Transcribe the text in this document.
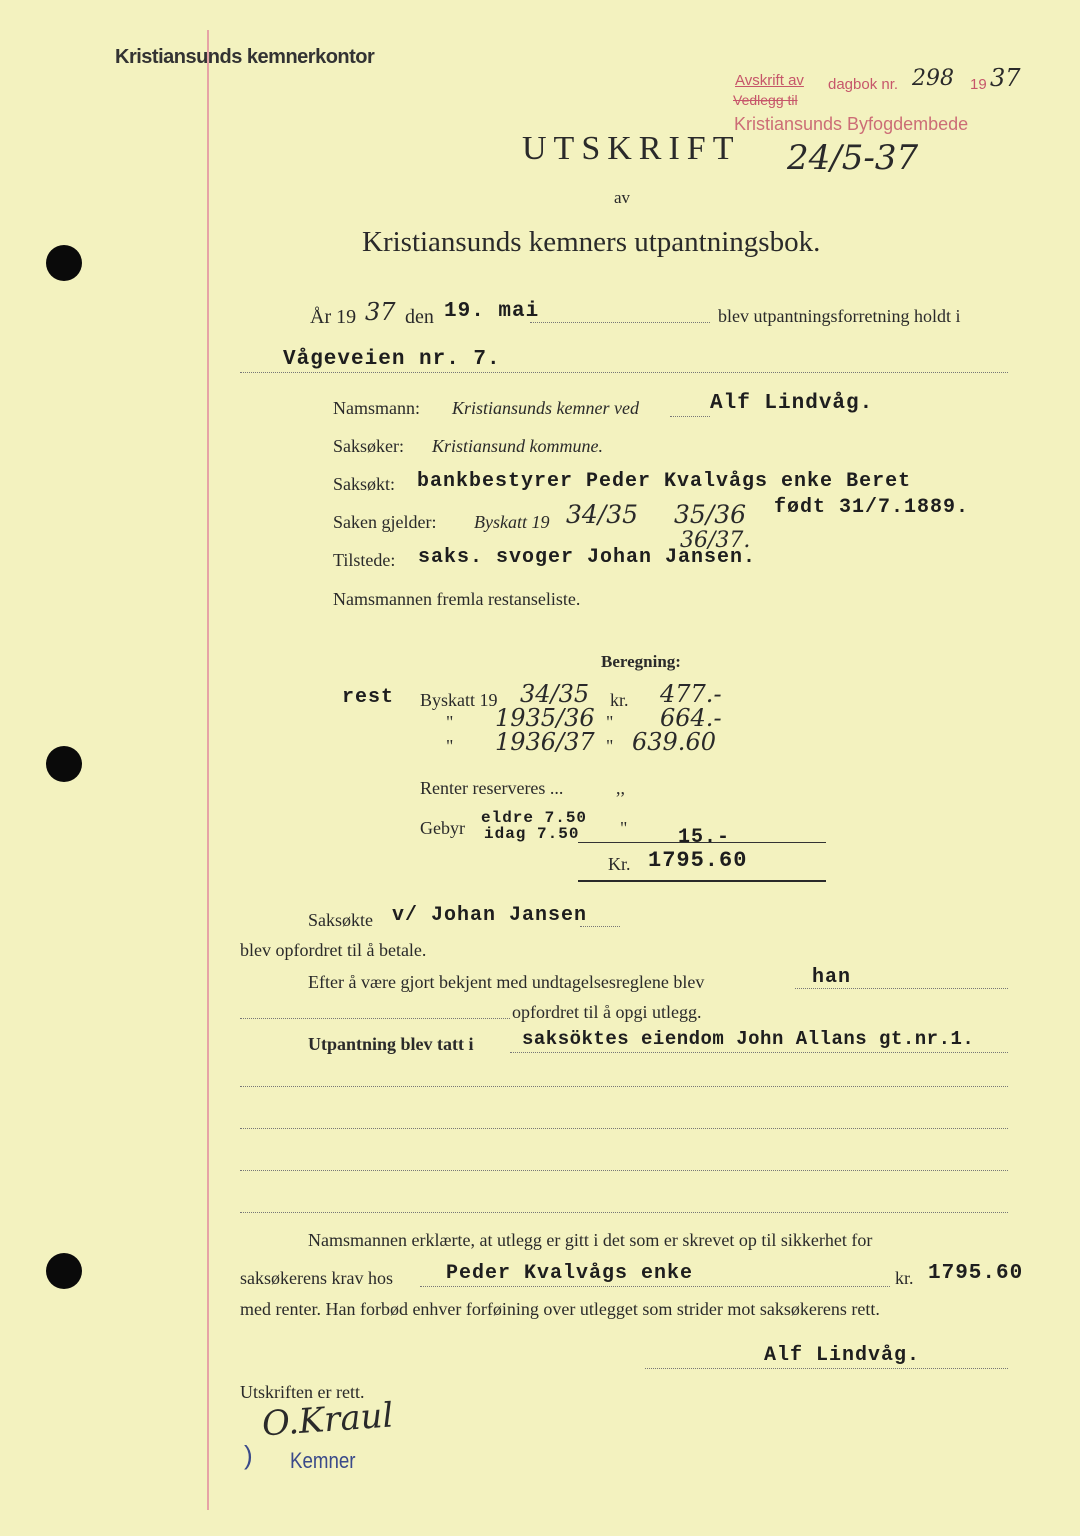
Kristiansunds kemnerkontor
Avskrift av dagbok nr. 298 19 37
Vedlegg til
Kristiansunds Byfogdembede
24/5-37
UTSKRIFT
av
Kristiansunds kemners utpantningsbok.
År 19 37 den 19. mai	blev utpantningsforretning holdt i
Vågeveien nr. 7.
Namsmann: Kristiansunds kemner ved	Alf Lindvåg.
Saksøker: Kristiansund kommune.
Saksøkt: bankbestyrer Peder Kvalvågs enke Beret
født 31/7.1889.
Saken gjelder: Byskatt 19 34/35 35/36
36/37.
Tilstede: saks. svoger Johan Jansen.
Namsmannen fremla restanseliste.
Beregning:
rest Byskatt 19 34/35 kr. 477.-
" 1935/36 " 664.-
" 1936/37 " 639.60
Renter reserveres ...	,,
Gebyr eldre 7.50
idag 7.50 "	15.-
Kr. 1795.60
Saksøkte v/ Johan Jansen
blev opfordret til å betale.
Efter å være gjort bekjent med undtagelsesreglene blev	han
opfordret til å opgi utlegg.
Utpantning blev tatt i	saksöktes eiendom John Allans gt.nr.1.
Namsmannen erklærte, at utlegg er gitt i det som er skrevet op til sikkerhet for
saksøkerens krav hos	Peder Kvalvågs enke	kr. 1795.60
med renter. Han forbød enhver forføining over utlegget som strider mot saksøkerens rett.
Alf Lindvåg.
Utskriften er rett.
O.Kraul
) Kemner
